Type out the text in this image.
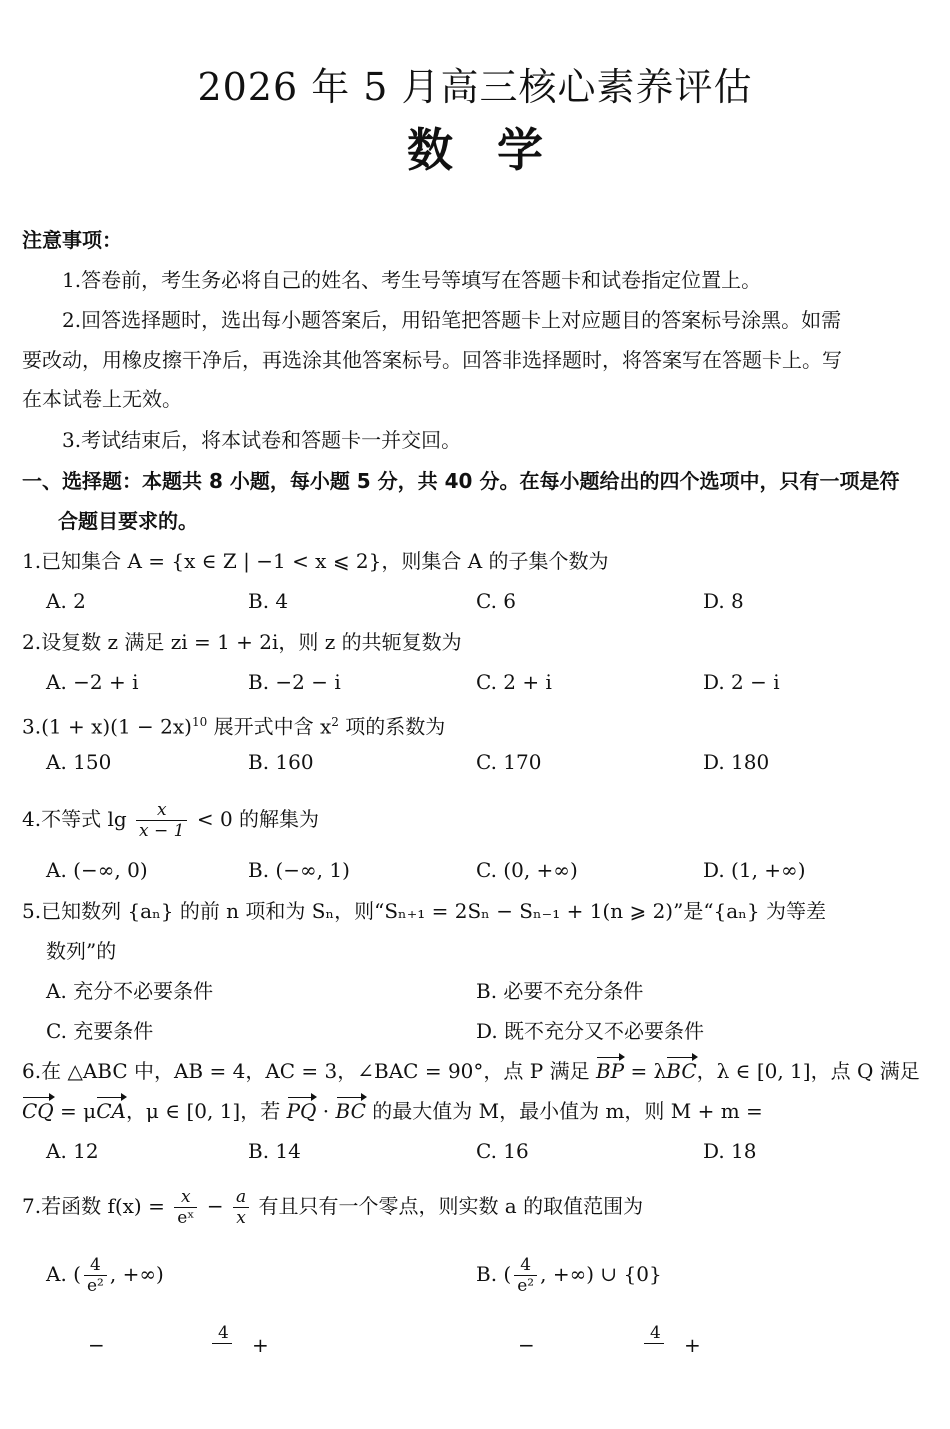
2026 年 5 月高三核心素养评估
数学
注意事项：
1.答卷前，考生务必将自己的姓名、考生号等填写在答题卡和试卷指定位置上。
2.回答选择题时，选出每小题答案后，用铅笔把答题卡上对应题目的答案标号涂黑。如需
要改动，用橡皮擦干净后，再选涂其他答案标号。回答非选择题时，将答案写在答题卡上。写
在本试卷上无效。
3.考试结束后，将本试卷和答题卡一并交回。
一、选择题：本题共 8 小题，每小题 5 分，共 40 分。在每小题给出的四个选项中，只有一项是符
合题目要求的。
1.已知集合 A = {x ∈ Z | −1 < x ⩽ 2}，则集合 A 的子集个数为
A. 2	B. 4	C. 6	D. 8
2.设复数 z 满足 zi = 1 + 2i，则 z 的共轭复数为
A. −2 + i	B. −2 − i	C. 2 + i	D. 2 − i
$3.(1 + x)(1 - 2x)^{10}$ 展开式中含 $x^2$ 项的系数为
A. 150	B. 160	C. 170	D. 180
4.不等式 $\lg \frac{x}{x - 1} < 0$ 的解集为
A. (−∞, 0)	B. (−∞, 1)	C. (0, +∞)	D. (1, +∞)
5.已知数列 {aₙ} 的前 n 项和为 Sₙ，则“Sₙ₊₁ = 2Sₙ − Sₙ₋₁ + 1(n ⩾ 2)”是“{aₙ} 为等差
数列”的
A. 充分不必要条件	B. 必要不充分条件
C. 充要条件	D. 既不充分又不必要条件
6.在 △ABC 中，AB = 4，AC = 3，∠BAC = 90°，点 P 满足 BP = λBC，λ ∈ [0, 1]，点 Q 满足
CQ = μCA，μ ∈ [0, 1]，若 PQ · BC 的最大值为 M，最小值为 m，则 M + m =
A. 12	B. 14	C. 16	D. 18
7.若函数 $f(x) = \frac{x}{\text{eˣ}} - \frac{a}{x}$ 有且只有一个零点，则实数 a 的取值范围为
A. ( $\frac{4}{\text{e²}}$ , +∞)	B. ( $\frac{4}{\text{e²}}$ , +∞) ∪ {0}
−	4 +	−	4 +
